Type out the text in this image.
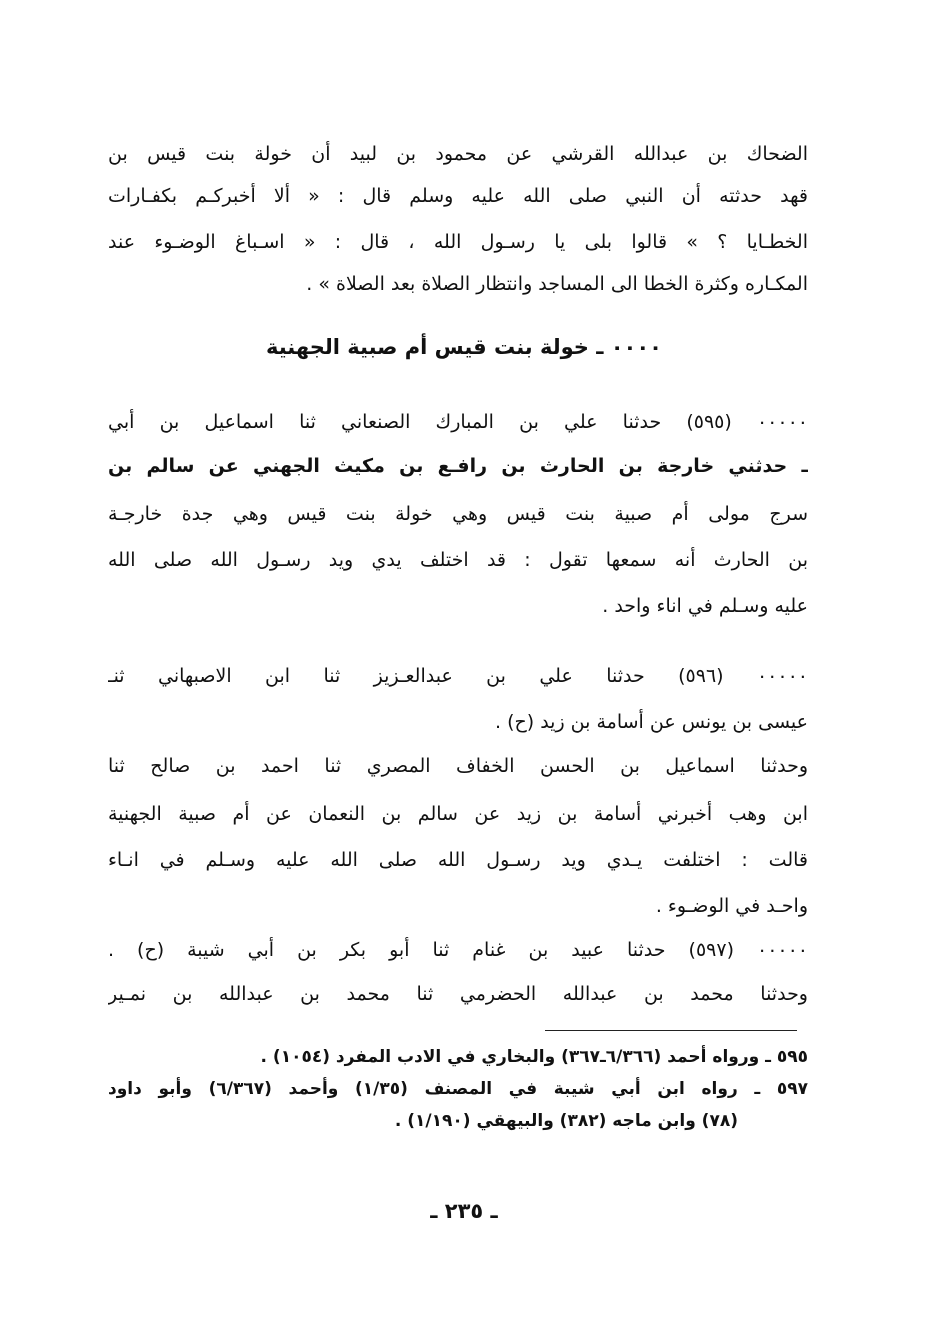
الضحاك بن عبدالله القرشي عن محمود بن لبيد أن خولة بنت قيس بن
قهد حدثته أن النبي صلى الله عليه وسلم قال : « ألا أخبركـم بكفـارات
الخطـايا ؟ » قالوا بلى يا رسـول الله ، قال : « اسـباغ الوضـوء عند
المكـاره وكثرة الخطا الى المساجد وانتظار الصلاة بعد الصلاة » .
٠٠٠٠ ـ خولة بنت قيس أم صبية الجهنية
٠٠٠٠٠ (٥٩٥) حدثنا علي بن المبارك الصنعاني ثنا اسماعيل بن أبي
ـ حدثني خارجة بن الحارث بن رافـع بن مكيث الجهني عن سالم بن
سرج مولى أم صبية بنت قيس وهي خولة بنت قيس وهي جدة خارجـة
بن الحارث أنه سمعها تقول : قد اختلف يدي ويد رسـول الله صلى الله
عليه وسـلم في اناء واحد .
٠٠٠٠٠ (٥٩٦) حدثنا علي بن عبدالعـزيز ثنا ابن الاصبهاني ثنـ
عيسى بن يونس عن أسامة بن زيد (ح) .
وحدثنا اسماعيل بن الحسن الخفاف المصري ثنا احمد بن صالح ثنا
ابن وهب أخبرني أسامة بن زيد عن سالم بن النعمان عن أم صبية الجهنية
قالت : اختلفت يـدي ويد رسـول الله صلى الله عليه وسـلم في انـاء
واحـد في الوضـوء .
٠٠٠٠٠ (٥٩٧) حدثنا عبيد بن غنام ثنا أبو بكر بن أبي شيبة (ح) .
وحدثنا محمد بن عبدالله الحضرمي ثنا محمد بن عبدالله بن نمـير
٥٩٥ ـ ورواه أحمد (٦/٣٦٦ـ٣٦٧) والبخاري في الادب المفرد (١٠٥٤) .
٥٩٧ ـ رواه ابن أبي شيبة في المصنف (١/٣٥) وأحمد (٦/٣٦٧) وأبو داود
(٧٨) وابن ماجه (٣٨٢) والبيهقي (١/١٩٠) .
ـ ٢٣٥ ـ
